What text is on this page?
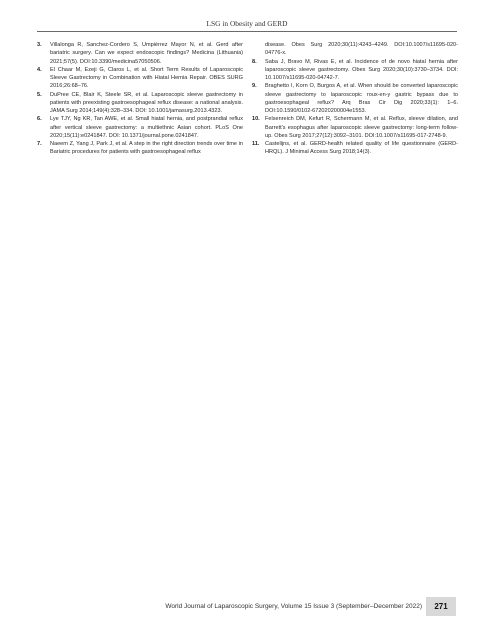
LSG in Obesity and GERD
3. Villalonga R, Sanchez-Cordero S, Umpiérrez Mayor N, et al. Gerd after bariatric surgery. Can we expect endoscopic findings? Medicina (Lithuania) 2021;57(5). DOI:10.3390/medicina57050506.
4. El Chaar M, Ezeji G, Claros L, et al. Short Term Results of Laparoscopic Sleeve Gastrectomy in Combination with Hiatal Hernia Repair. OBES SURG 2016;26:68–76.
5. DuPree CE, Blair K, Steele SR, et al. Laparoscopic sleeve gastrectomy in patients with preexisting gastroesophageal reflux disease: a national analysis. JAMA Surg 2014;149(4):328–334. DOI: 10.1001/jamasurg.2013.4323.
6. Lye TJY, Ng KR, Tan AWE, et al. Small hiatal hernia, and postprandial reflux after vertical sleeve gastrectomy: a multiethnic Asian cohort. PLoS One 2020;15(11):e0241847. DOI: 10.1371/journal.pone.0241847.
7. Naeem Z, Yang J, Park J, et al. A step in the right direction trends over time in Bariatric procedures for patients with gastroesophageal reflux
disease. Obes Surg 2020;30(11):4243–4249. DOI:10.1007/s11695-020-04776-x.
8. Saba J, Bravo M, Rivas E, et al. Incidence of de novo hiatal hernia after laparoscopic sleeve gastrectomy. Obes Surg 2020;30(10):3730–3734. DOI: 10.1007/s11695-020-04742-7.
9. Braghetto I, Korn O, Burgos A, et al. When should be converted laparoscopic sleeve gastrectomy to laparoscopic roux-en-y gastric bypass due to gastroesophageal reflux? Arq Bras Cir Dig 2020;33(1): 1–6. DOI:10.1590/0102-672020200004e1553.
10. Felsenreich DM, Kefurt R, Schermann M, et al. Reflux, sleeve dilation, and Barrett's esophagus after laparoscopic sleeve gastrectomy: long-term follow-up. Obes Surg 2017;27(12):3092–3101. DOI:10.1007/s11695-017-2748-9.
11. Castelijns, et al. GERD-health related quality of life questionnaire (GERD-HRQL). J Minimal Access Surg 2018;14(3).
World Journal of Laparoscopic Surgery, Volume 15 Issue 3 (September–December 2022)	271
